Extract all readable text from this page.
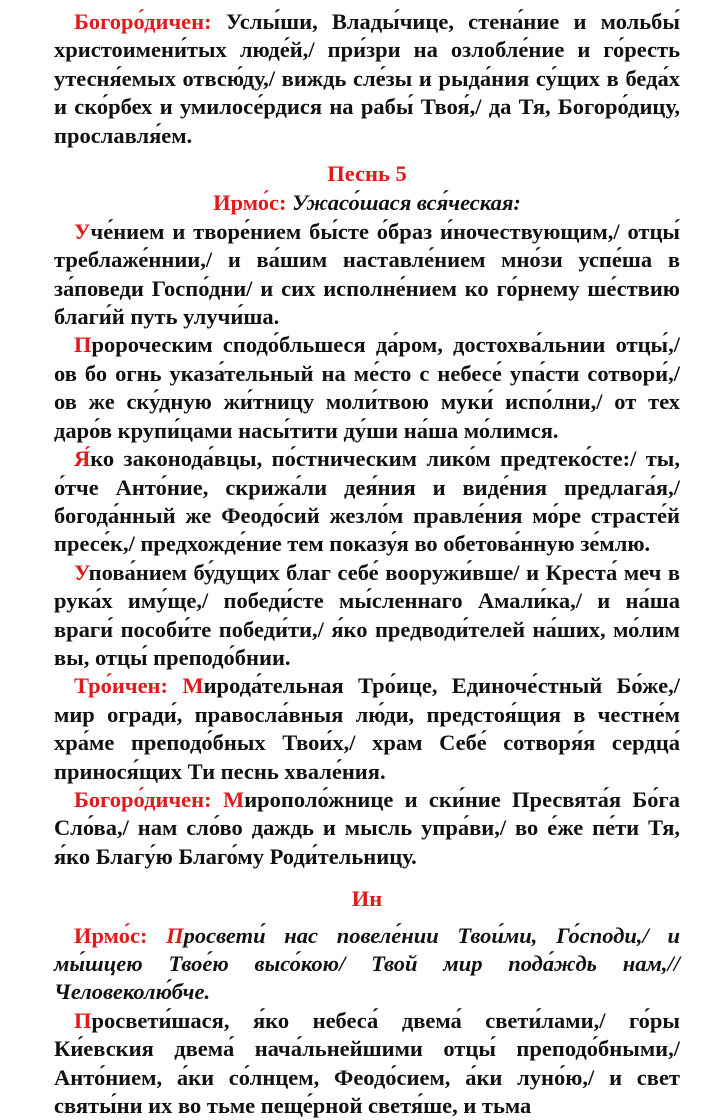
Богоро́дичен: Услы́ши, Влады́чице, стена́ние и мольбы́ христоимени́тых люде́й,/ при́зри на озлобле́ние и го́ресть утесня́емых отвсю́ду,/ виждь сле́зы и рыда́ния су́щих в беда́х и ско́рбех и умилосе́рдися на рабы́ Твоя́,/ да Тя, Богоро́дицу, прославля́ем.

Песнь 5

Ирмо́с: Ужасо́шася вся́ческая:

Уче́нием и творе́нием бы́сте о́браз и́ночествующим,/ отцы́ треблаже́ннии,/ и ва́шим наставле́нием мно́зи успе́ша в за́поведи Госпо́дни/ и сих исполне́нием ко го́рнему ше́ствию благи́й путь улучи́ша.

Пророческим сподо́бльшеся да́ром, достохва́льнии отцы́,/ ов бо огнь указа́тельный на ме́сто с небесе́ упа́сти сотвори́,/ ов же ску́дную жи́тницу моли́твою муки́ испо́лни,/ от тех даро́в крупи́цами насы́тити ду́ши на́ша мо́лимся.

Я́ко законода́вцы, по́стническим лико́м предтеко́сте:/ ты, о́тче Анто́ние, скрижа́ли дея́ния и виде́ния предлага́я,/ богода́нный же Феодо́сий жезло́м правле́ния мо́ре страсте́й пресе́к,/ предхожде́ние тем показу́я во обетова́нную зе́млю.

Упова́нием бу́дущих благ себе́ вооружи́вше/ и Креста́ меч в рука́х иму́ще,/ победи́сте мы́сленнаго Амали́ка,/ и на́ша враги́ пособи́те победи́ти,/ я́ко предводи́телей на́ших, мо́лим вы, отцы́ преподо́бнии.

Тро́ичен: Мирода́тельная Тро́ице, Единоче́стный Бо́же,/ мир огради́, правосла́вныя лю́ди, предстоя́щия в честне́м хра́ме преподо́бных Твои́х,/ храм Себе́ сотворя́я сердца́ принося́щих Ти песнь хвале́ния.

Богоро́дичен: Мирополо́жнице и ски́ние Пресвята́я Бо́га Сло́ва,/ нам сло́во даждь и мысль упра́ви,/ во е́же пе́ти Тя, я́ко Благу́ю Благо́му Роди́тельницу.

Ин

Ирмо́с: Просвети́ нас повеле́нии Твои́ми, Го́споди,/ и мы́шцею Твое́ю высо́кою/ Твой мир пода́ждь нам,// Человеколю́бче.

Просвети́шася, я́ко небеса́ двема́ свети́лами,/ го́ры Ки́евския двема́ нача́льнейшими отцы́ преподо́бными,/ Анто́нием, а́ки со́лнцем, Феодо́сием, а́ки луно́ю,/ и свет святы́ни их во тьме пеще́рной светя́ше, и тьма
